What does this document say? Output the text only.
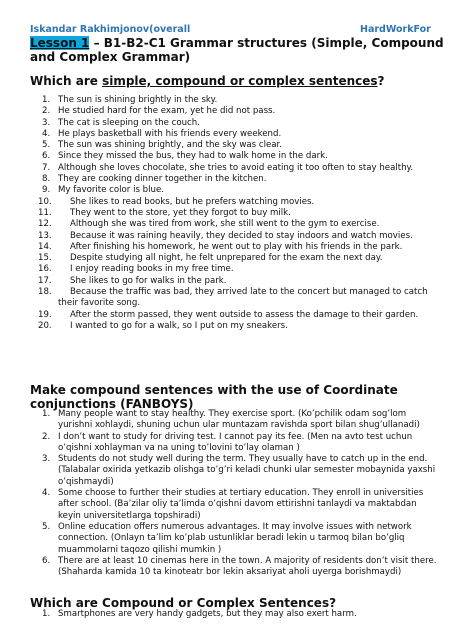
Iskandar Rakhimjonov(overall	HardWorkFor
Lesson 1 – B1-B2-C1 Grammar structures (Simple, Compound and Complex Grammar)
Which are simple, compound or complex sentences?
1. The sun is shining brightly in the sky.
2. He studied hard for the exam, yet he did not pass.
3. The cat is sleeping on the couch.
4. He plays basketball with his friends every weekend.
5. The sun was shining brightly, and the sky was clear.
6. Since they missed the bus, they had to walk home in the dark.
7. Although she loves chocolate, she tries to avoid eating it too often to stay healthy.
8. They are cooking dinner together in the kitchen.
9. My favorite color is blue.
10. She likes to read books, but he prefers watching movies.
11. They went to the store, yet they forgot to buy milk.
12. Although she was tired from work, she still went to the gym to exercise.
13. Because it was raining heavily, they decided to stay indoors and watch movies.
14. After finishing his homework, he went out to play with his friends in the park.
15. Despite studying all night, he felt unprepared for the exam the next day.
16. I enjoy reading books in my free time.
17. She likes to go for walks in the park.
18. Because the traffic was bad, they arrived late to the concert but managed to catch their favorite song.
19. After the storm passed, they went outside to assess the damage to their garden.
20. I wanted to go for a walk, so I put on my sneakers.
Make compound sentences with the use of Coordinate conjunctions (FANBOYS)
1. Many people want to stay healthy. They exercise sport. (Ko’pchilik odam sog’lom yurishni xohlaydi, shuning uchun ular muntazam ravishda sport bilan shug’ullanadi)
2. I don’t want to study for driving test. I cannot pay its fee. (Men na avto test uchun o’qishni xohlayman va na uning to’lovini to’lay olaman )
3. Students do not study well during the term. They usually have to catch up in the end. (Talabalar oxirida yetkazib olishga to’g’ri keladi chunki ular semester mobaynida yaxshi o’qishmaydi)
4. Some choose to further their studies at tertiary education. They enroll in universities after school. (Ba’zilar oliy ta’limda o’qishni davom ettirishni tanlaydi va maktabdan keyin universitetlarga topshiradi)
5. Online education offers numerous advantages. It may involve issues with network connection. (Onlayn ta’lim ko’plab ustunliklar beradi lekin u tarmoq bilan bo’gliq muammolarni taqozo qilishi mumkin )
6. There are at least 10 cinemas here in the town. A majority of residents don’t visit there. (Shaharda kamida 10 ta kinoteatr bor lekin aksariyat aholi uyerga borishmaydi)
Which are Compound or Complex Sentences?
1. Smartphones are very handy gadgets, but they may also exert harm.
